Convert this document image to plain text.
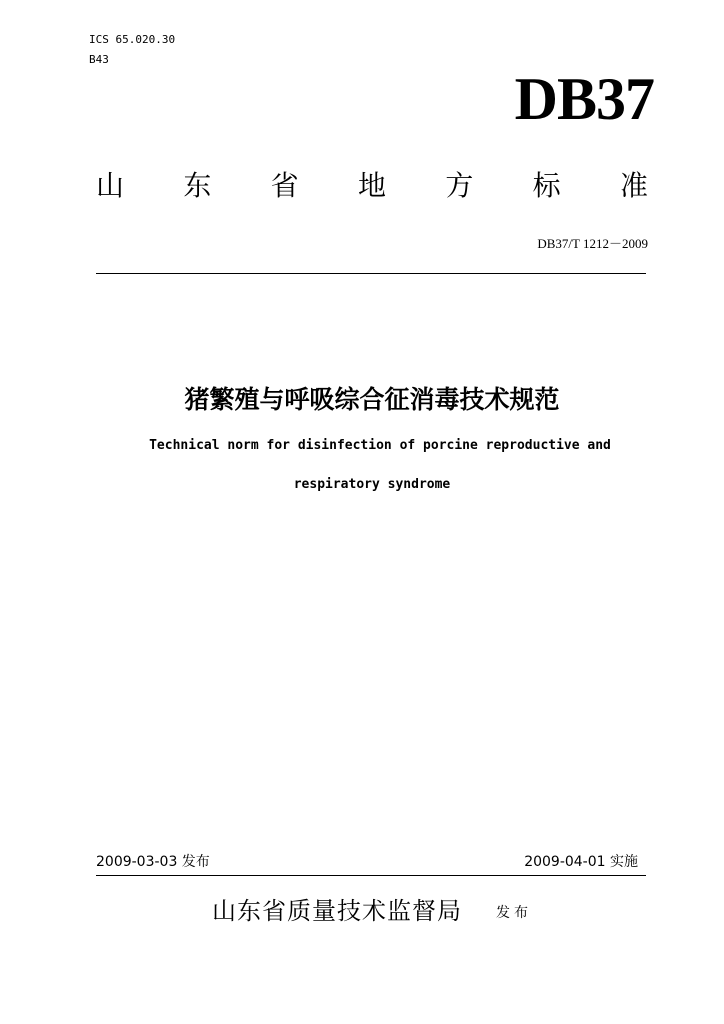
ICS 65.020.30
B43
DB37
山 东 省 地 方 标 准
DB37/T 1212－2009
猪繁殖与呼吸综合征消毒技术规范
Technical norm for disinfection of porcine reproductive and
respiratory syndrome
2009-03-03 发布	2009-04-01 实施
山东省质量技术监督局 发布
